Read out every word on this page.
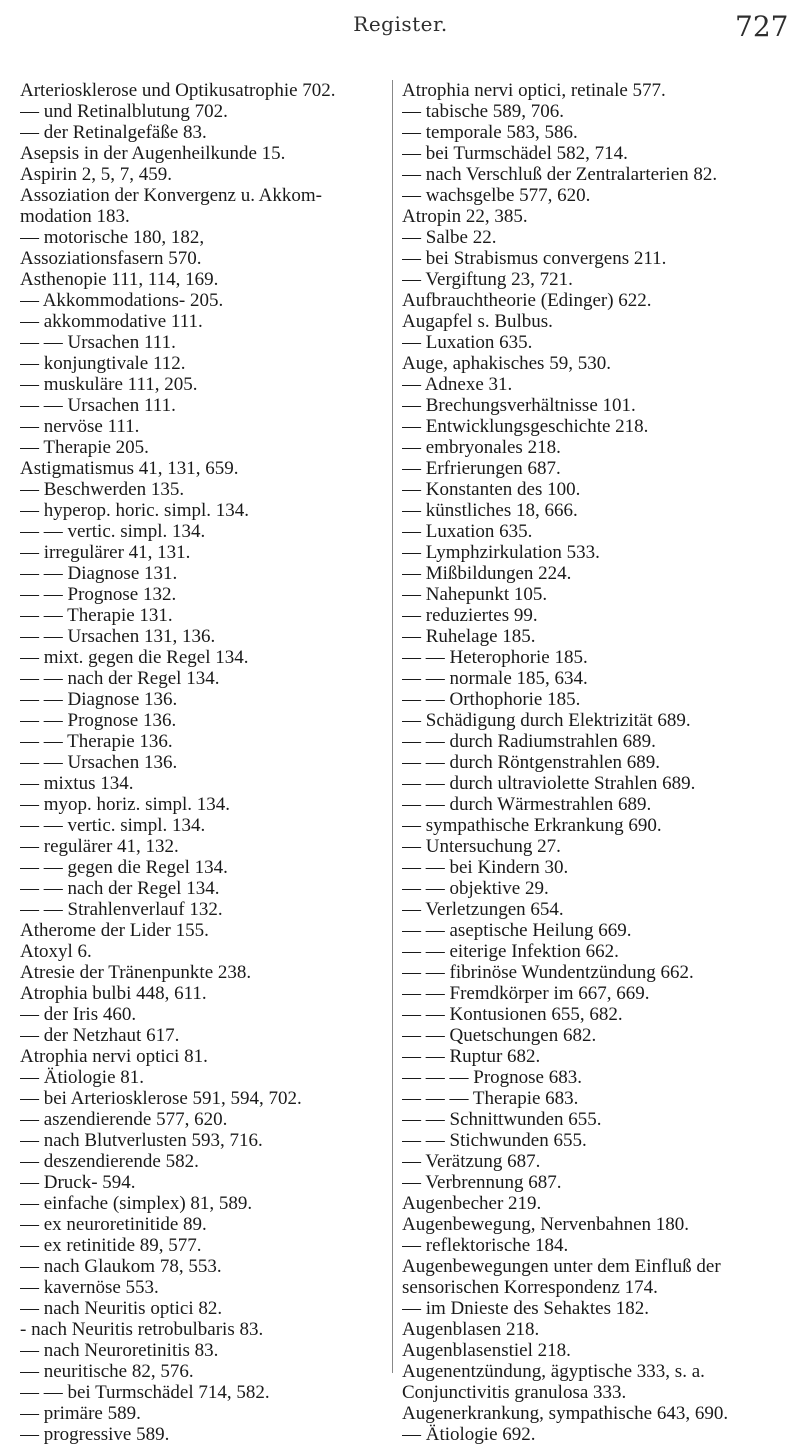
Register.	727
Arteriosklerose und Optikusatrophie 702.
— und Retinalblutung 702.
— der Retinalgefäße 83.
Asepsis in der Augenheilkunde 15.
Aspirin 2, 5, 7, 459.
Assoziation der Konvergenz u. Akkom-
modation 183.
— motorische 180, 182,
Assoziationsfasern 570.
Asthenopie 111, 114, 169.
— Akkommodations- 205.
— akkommodative 111.
— — Ursachen 111.
— konjungtivale 112.
— muskuläre 111, 205.
— — Ursachen 111.
— nervöse 111.
— Therapie 205.
Astigmatismus 41, 131, 659.
— Beschwerden 135.
— hyperop. horic. simpl. 134.
— — vertic. simpl. 134.
— irregulärer 41, 131.
— — Diagnose 131.
— — Prognose 132.
— — Therapie 131.
— — Ursachen 131, 136.
— mixt. gegen die Regel 134.
— — nach der Regel 134.
— — Diagnose 136.
— — Prognose 136.
— — Therapie 136.
— — Ursachen 136.
— mixtus 134.
— myop. horiz. simpl. 134.
— — vertic. simpl. 134.
— regulärer 41, 132.
— — gegen die Regel 134.
— — nach der Regel 134.
— — Strahlenverlauf 132.
Atherome der Lider 155.
Atoxyl 6.
Atresie der Tränenpunkte 238.
Atrophia bulbi 448, 611.
— der Iris 460.
— der Netzhaut 617.
Atrophia nervi optici 81.
— Ätiologie 81.
— bei Arteriosklerose 591, 594, 702.
— aszendierende 577, 620.
— nach Blutverlusten 593, 716.
— deszendierende 582.
— Druck- 594.
— einfache (simplex) 81, 589.
— ex neuroretinitide 89.
— ex retinitide 89, 577.
— nach Glaukom 78, 553.
— kavernöse 553.
— nach Neuritis optici 82.
- nach Neuritis retrobulbaris 83.
— nach Neuroretinitis 83.
— neuritische 82, 576.
— — bei Turmschädel 714, 582.
— primäre 589.
— progressive 589.
Atrophia nervi optici, retinale 577.
— tabische 589, 706.
— temporale 583, 586.
— bei Turmschädel 582, 714.
— nach Verschluß der Zentralarterien 82.
— wachsgelbe 577, 620.
Atropin 22, 385.
— Salbe 22.
— bei Strabismus convergens 211.
— Vergiftung 23, 721.
Aufbrauchtheorie (Edinger) 622.
Augapfel s. Bulbus.
— Luxation 635.
Auge, aphakisches 59, 530.
— Adnexe 31.
— Brechungsverhältnisse 101.
— Entwicklungsgeschichte 218.
— embryonales 218.
— Erfrierungen 687.
— Konstanten des 100.
— künstliches 18, 666.
— Luxation 635.
— Lymphzirkulation 533.
— Mißbildungen 224.
— Nahepunkt 105.
— reduziertes 99.
— Ruhelage 185.
— — Heterophorie 185.
— — normale 185, 634.
— — Orthophorie 185.
— Schädigung durch Elektrizität 689.
— — durch Radiumstrahlen 689.
— — durch Röntgenstrahlen 689.
— — durch ultraviolette Strahlen 689.
— — durch Wärmestrahlen 689.
— sympathische Erkrankung 690.
— Untersuchung 27.
— — bei Kindern 30.
— — objektive 29.
— Verletzungen 654.
— — aseptische Heilung 669.
— — eiterige Infektion 662.
— — fibrinöse Wundentzündung 662.
— — Fremdkörper im 667, 669.
— — Kontusionen 655, 682.
— — Quetschungen 682.
— — Ruptur 682.
— — — Prognose 683.
— — — Therapie 683.
— — Schnittwunden 655.
— — Stichwunden 655.
— Verätzung 687.
— Verbrennung 687.
Augenbecher 219.
Augenbewegung, Nervenbahnen 180.
— reflektorische 184.
Augenbewegungen unter dem Einfluß der
sensorischen Korrespondenz 174.
— im Dnieste des Sehaktes 182.
Augenblasen 218.
Augenblasenstiel 218.
Augenentzündung, ägyptische 333, s. a.
Conjunctivitis granulosa 333.
Augenerkrankung, sympathische 643, 690.
— Ätiologie 692.
